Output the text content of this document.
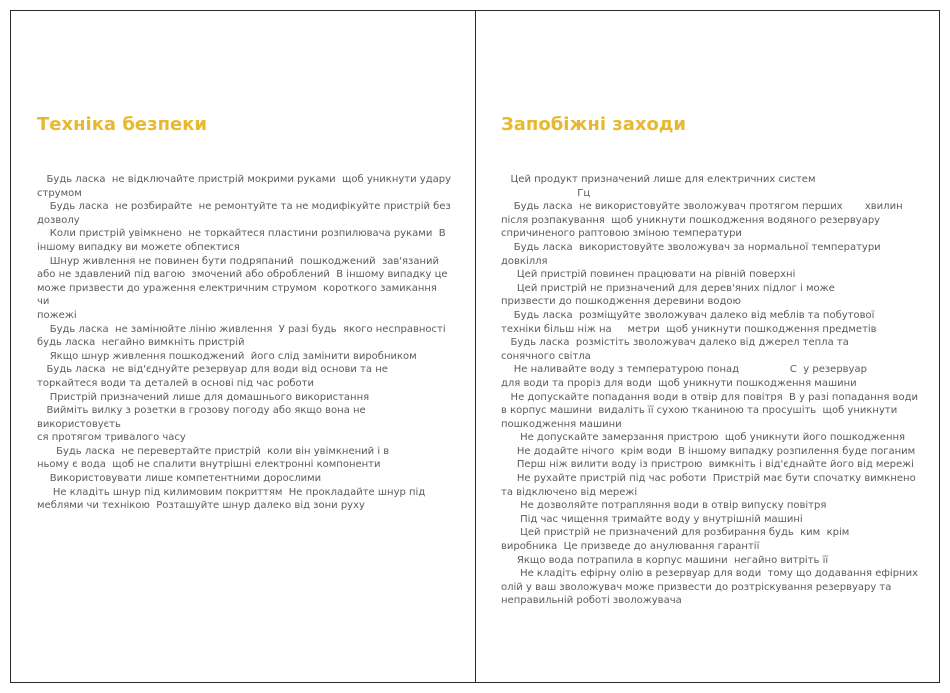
Техніка безпеки

Будь ласка  не відключайте пристрій мокрими руками  щоб уникнути удару
струмом

Будь ласка  не розбирайте  не ремонтуйте та не модифікуйте пристрій без
дозволу

Коли пристрій увімкнено  не торкайтеся пластини розпилювача руками  В
іншому випадку ви можете обпектися

Шнур живлення не повинен бути подряпаний  пошкоджений  зав'язаний
або не здавлений під вагою  змочений або оброблений  В іншому випадку це
може призвести до ураження електричним струмом  короткого замикання чи
пожежі

Будь ласка  не замінюйте лінію живлення  У разі будь  якого несправності
будь ласка  негайно вимкніть пристрій

Якщо шнур живлення пошкоджений  його слід замінити виробником

Будь ласка  не від'єднуйте резервуар для води від основи та не
торкайтеся води та деталей в основі під час роботи

Пристрій призначений лише для домашнього використання

Вийміть вилку з розетки в грозову погоду або якщо вона не використовуєть
ся протягом тривалого часу

Будь ласка  не перевертайте пристрій  коли він увімкнений і в
ньому є вода  щоб не спалити внутрішні електронні компоненти

Використовувати лише компетентними дорослими

Не кладіть шнур під килимовим покриттям  Не прокладайте шнур під
меблями чи технікою  Розташуйте шнур далеко від зони руху

Запобіжні заходи

Цей продукт призначений лише для електричних систем
Гц

Будь ласка  не використовуйте зволожувач протягом перших       хвилин
після розпакування  щоб уникнути пошкодження водяного резервуару
спричиненого раптовою зміною температури

Будь ласка  використовуйте зволожувач за нормальної температури
довкілля

Цей пристрій повинен працювати на рівній поверхні

Цей пристрій не призначений для дерев'яних підлог і може
призвести до пошкодження деревини водою

Будь ласка  розміщуйте зволожувач далеко від меблів та побутової
техніки більш ніж на     метри  щоб уникнути пошкодження предметів

Будь ласка  розмістіть зволожувач далеко від джерел тепла та
сонячного світла

Не наливайте воду з температурою понад                С  у резервуар
для води та проріз для води  щоб уникнути пошкодження машини

Не допускайте попадання води в отвір для повітря  В у разі попадання води
в корпус машини  видаліть її сухою тканиною та просушіть  щоб уникнути
пошкодження машини

Не допускайте замерзання пристрою  щоб уникнути його пошкодження

Не додайте нічого  крім води  В іншому випадку розпилення буде поганим

Перш ніж вилити воду із пристрою  вимкніть і від'єднайте його від мережі

Не рухайте пристрій під час роботи  Пристрій має бути спочатку вимкнено
та відключено від мережі

Не дозволяйте потрапляння води в отвір випуску повітря

Під час чищення тримайте воду у внутрішній машині

Цей пристрій не призначений для розбирання будь  ким  крім
виробника  Це призведе до анулювання гарантії

Якщо вода потрапила в корпус машини  негайно витріть її

Не кладіть ефірну олію в резервуар для води  тому що додавання ефірних
олій у ваш зволожувач може призвести до розтріскування резервуару та
неправильній роботі зволожувача
